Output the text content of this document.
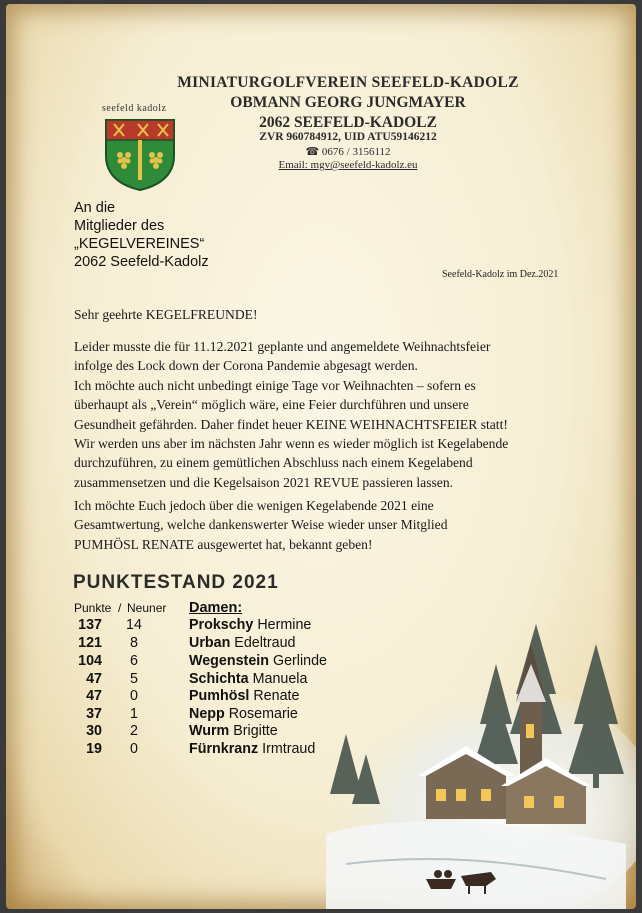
seefeld kadolz
MINIATURGOLFVEREIN SEEFELD-KADOLZ
OBMANN GEORG JUNGMAYER
2062 SEEFELD-KADOLZ
ZVR 960784912, UID ATU59146212
☎ 0676 / 3156112
Email: mgv@seefeld-kadolz.eu
An die
Mitglieder des
„KEGELVEREINES“
2062 Seefeld-Kadolz
Seefeld-Kadolz im Dez.2021
Sehr geehrte KEGELFREUNDE!
Leider musste die für 11.12.2021 geplante und angemeldete Weihnachtsfeier
infolge des Lock down der Corona Pandemie abgesagt werden.
Ich möchte auch nicht unbedingt einige Tage vor Weihnachten – sofern es
überhaupt als „Verein“ möglich wäre, eine Feier durchführen und unsere
Gesundheit gefährden. Daher findet heuer KEINE WEIHNACHTSFEIER statt!
Wir werden uns aber im nächsten Jahr wenn es wieder möglich ist Kegelabende
durchzuführen, zu einem gemütlichen Abschluss nach einem Kegelabend
zusammensetzen und die Kegelsaison 2021 REVUE passieren lassen.
Ich möchte Euch jedoch über die wenigen Kegelabende 2021 eine
Gesamtwertung, welche dankenswerter Weise wieder unser Mitglied
PUMHÖSL RENATE ausgewertet hat, bekannt geben!
PUNKTESTAND 2021
Punkte / Neuner Damen:
137 14	Prokschy Hermine
121 8	Urban Edeltraud
104 6	Wegenstein Gerlinde
47 5	Schichta Manuela
47 0	Pumhösl Renate
37 1	Nepp Rosemarie
30 2	Wurm Brigitte
19 0	Fürnkranz Irmtraud
